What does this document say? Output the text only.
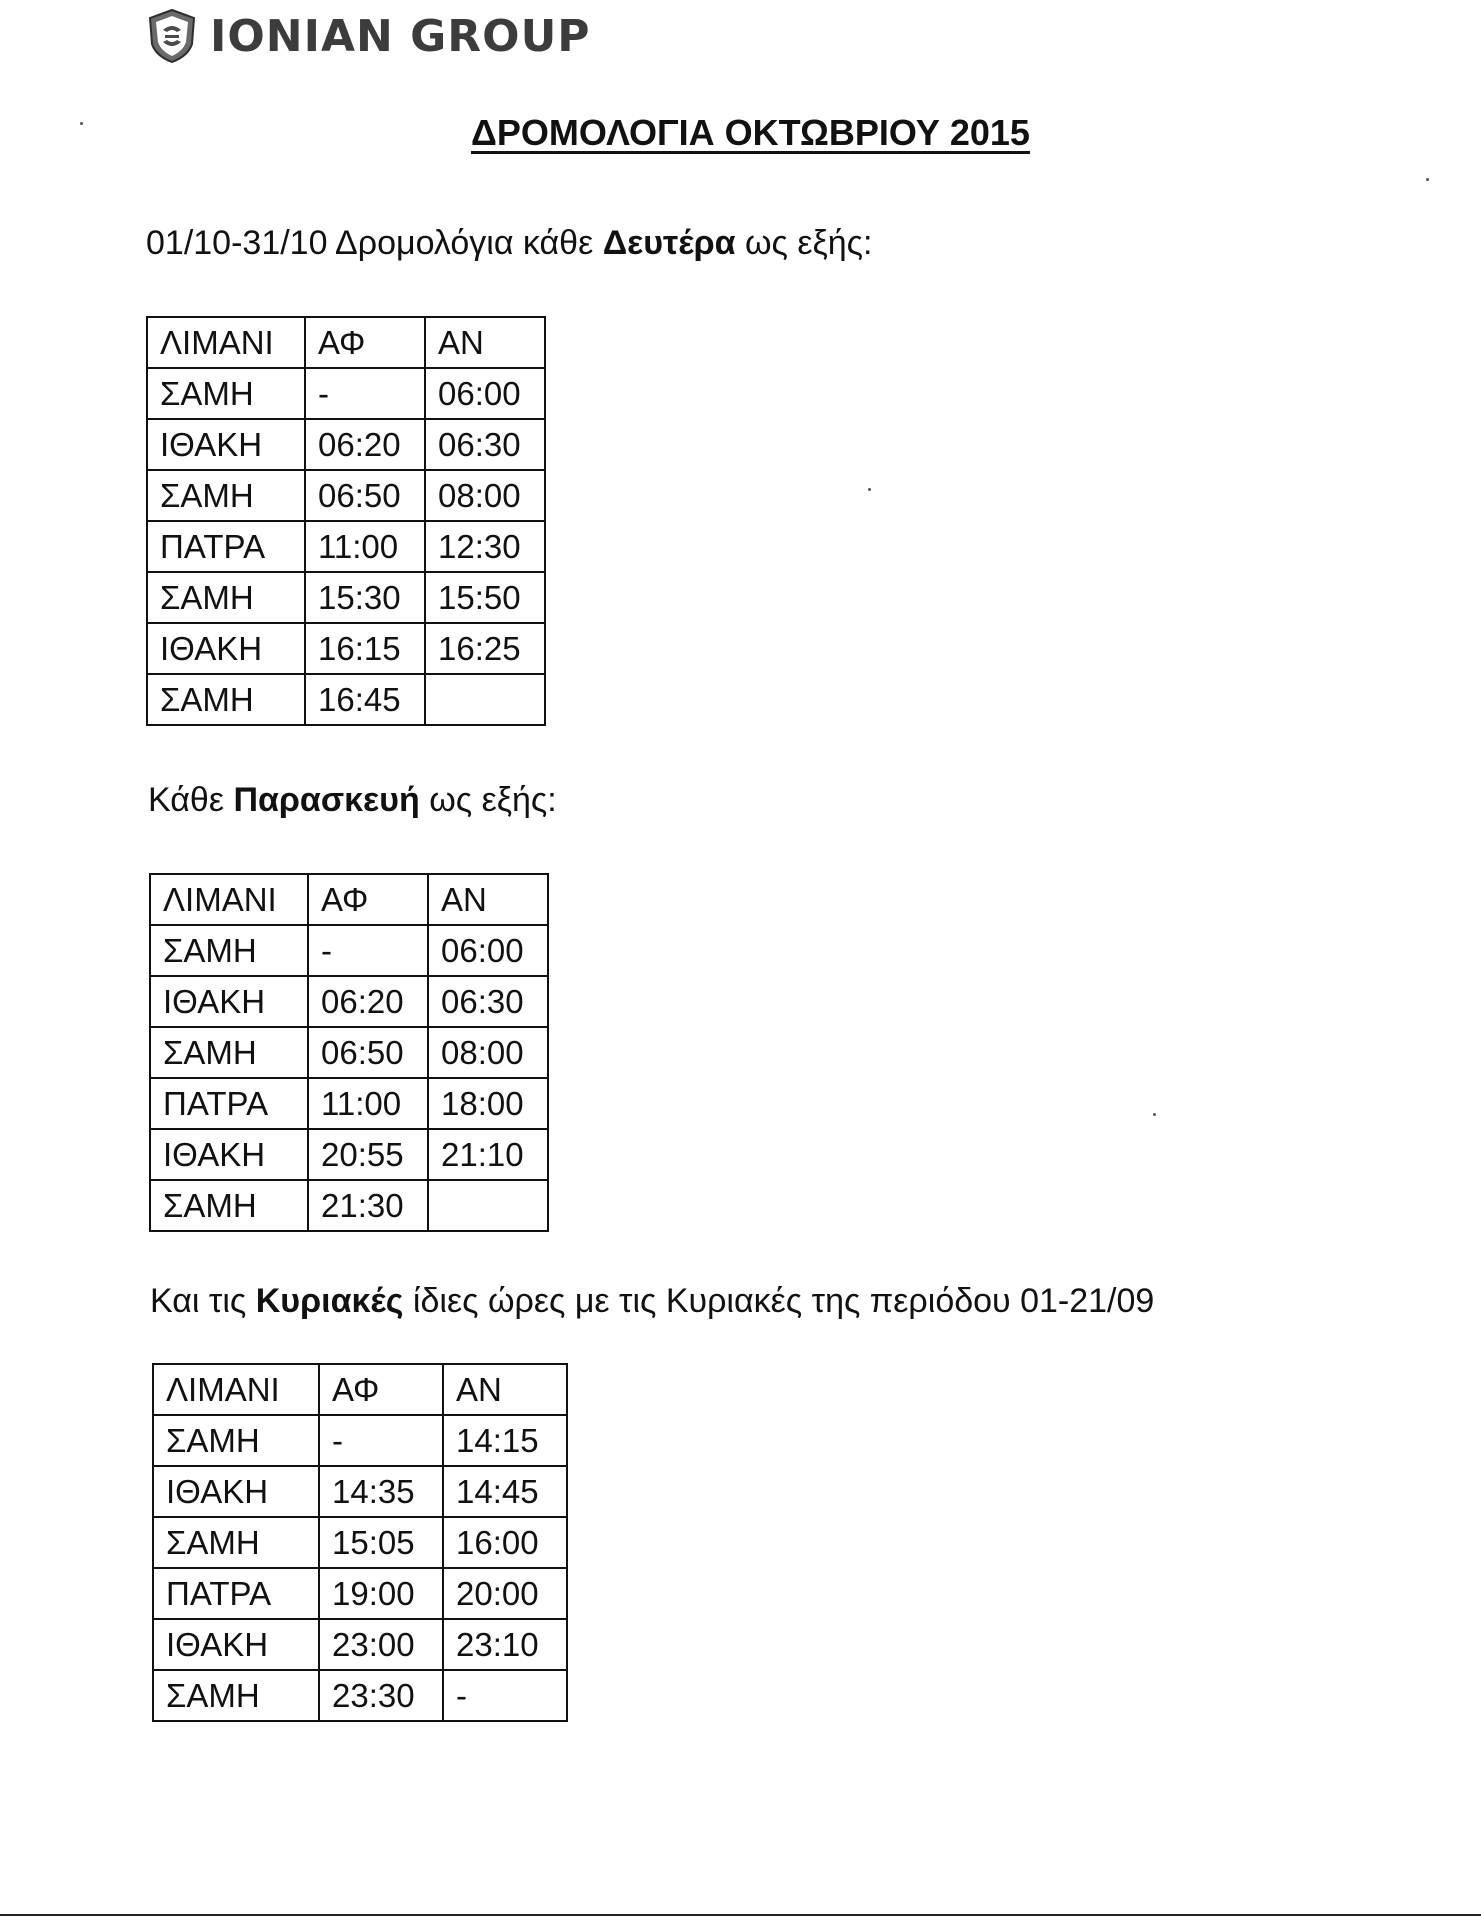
IONIAN GROUP
ΔΡΟΜΟΛΟΓΙΑ ΟΚΤΩΒΡΙΟΥ 2015
01/10-31/10 Δρομολόγια κάθε Δευτέρα ως εξής:
ΛΙΜΑΝΙ	ΑΦ	ΑΝ
ΣΑΜΗ	-	06:00
ΙΘΑΚΗ	06:20	06:30
ΣΑΜΗ	06:50	08:00
ΠΑΤΡΑ	11:00	12:30
ΣΑΜΗ	15:30	15:50
ΙΘΑΚΗ	16:15	16:25
ΣΑΜΗ	16:45	
Κάθε Παρασκευή ως εξής:
ΛΙΜΑΝΙ	ΑΦ	ΑΝ
ΣΑΜΗ	-	06:00
ΙΘΑΚΗ	06:20	06:30
ΣΑΜΗ	06:50	08:00
ΠΑΤΡΑ	11:00	18:00
ΙΘΑΚΗ	20:55	21:10
ΣΑΜΗ	21:30	
Και τις Κυριακές ίδιες ώρες με τις Κυριακές της περιόδου 01-21/09
ΛΙΜΑΝΙ	ΑΦ	ΑΝ
ΣΑΜΗ	-	14:15
ΙΘΑΚΗ	14:35	14:45
ΣΑΜΗ	15:05	16:00
ΠΑΤΡΑ	19:00	20:00
ΙΘΑΚΗ	23:00	23:10
ΣΑΜΗ	23:30	-
